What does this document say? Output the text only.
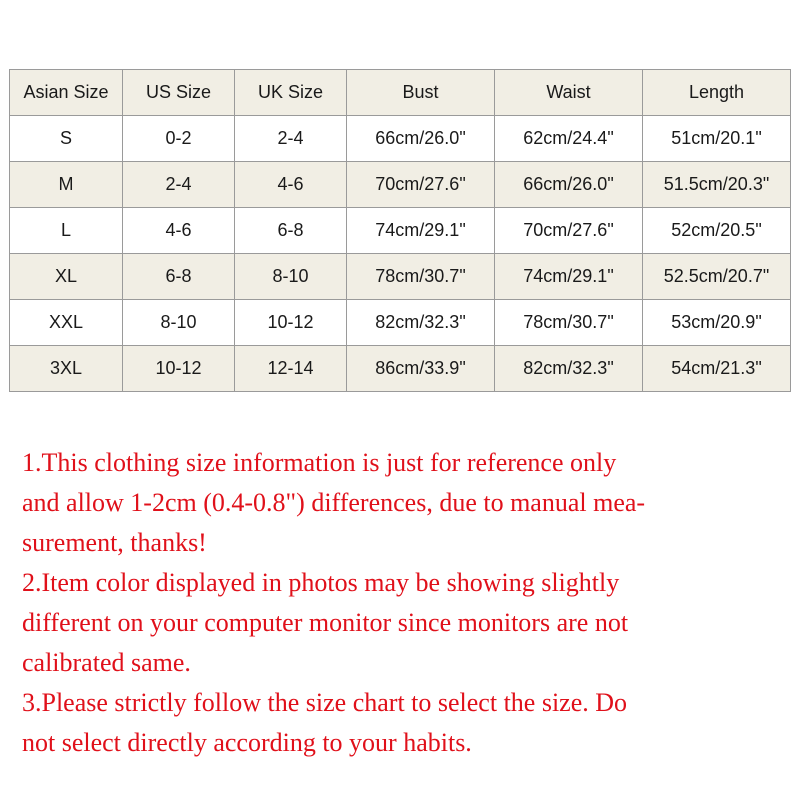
Asian Size	US Size	UK Size	Bust	Waist	Length
S	0-2	2-4	66cm/26.0"	62cm/24.4"	51cm/20.1"
M	2-4	4-6	70cm/27.6"	66cm/26.0"	51.5cm/20.3"
L	4-6	6-8	74cm/29.1"	70cm/27.6"	52cm/20.5"
XL	6-8	8-10	78cm/30.7"	74cm/29.1"	52.5cm/20.7"
XXL	8-10	10-12	82cm/32.3"	78cm/30.7"	53cm/20.9"
3XL	10-12	12-14	86cm/33.9"	82cm/32.3"	54cm/21.3"

1.This clothing size information is just for reference only

and allow 1-2cm (0.4-0.8") differences, due to manual mea-

surement, thanks!

2.Item color displayed in photos may be showing slightly

different on your computer monitor since monitors are not

calibrated same.

3.Please strictly follow the size chart to select the size. Do

not select directly according to your habits.
